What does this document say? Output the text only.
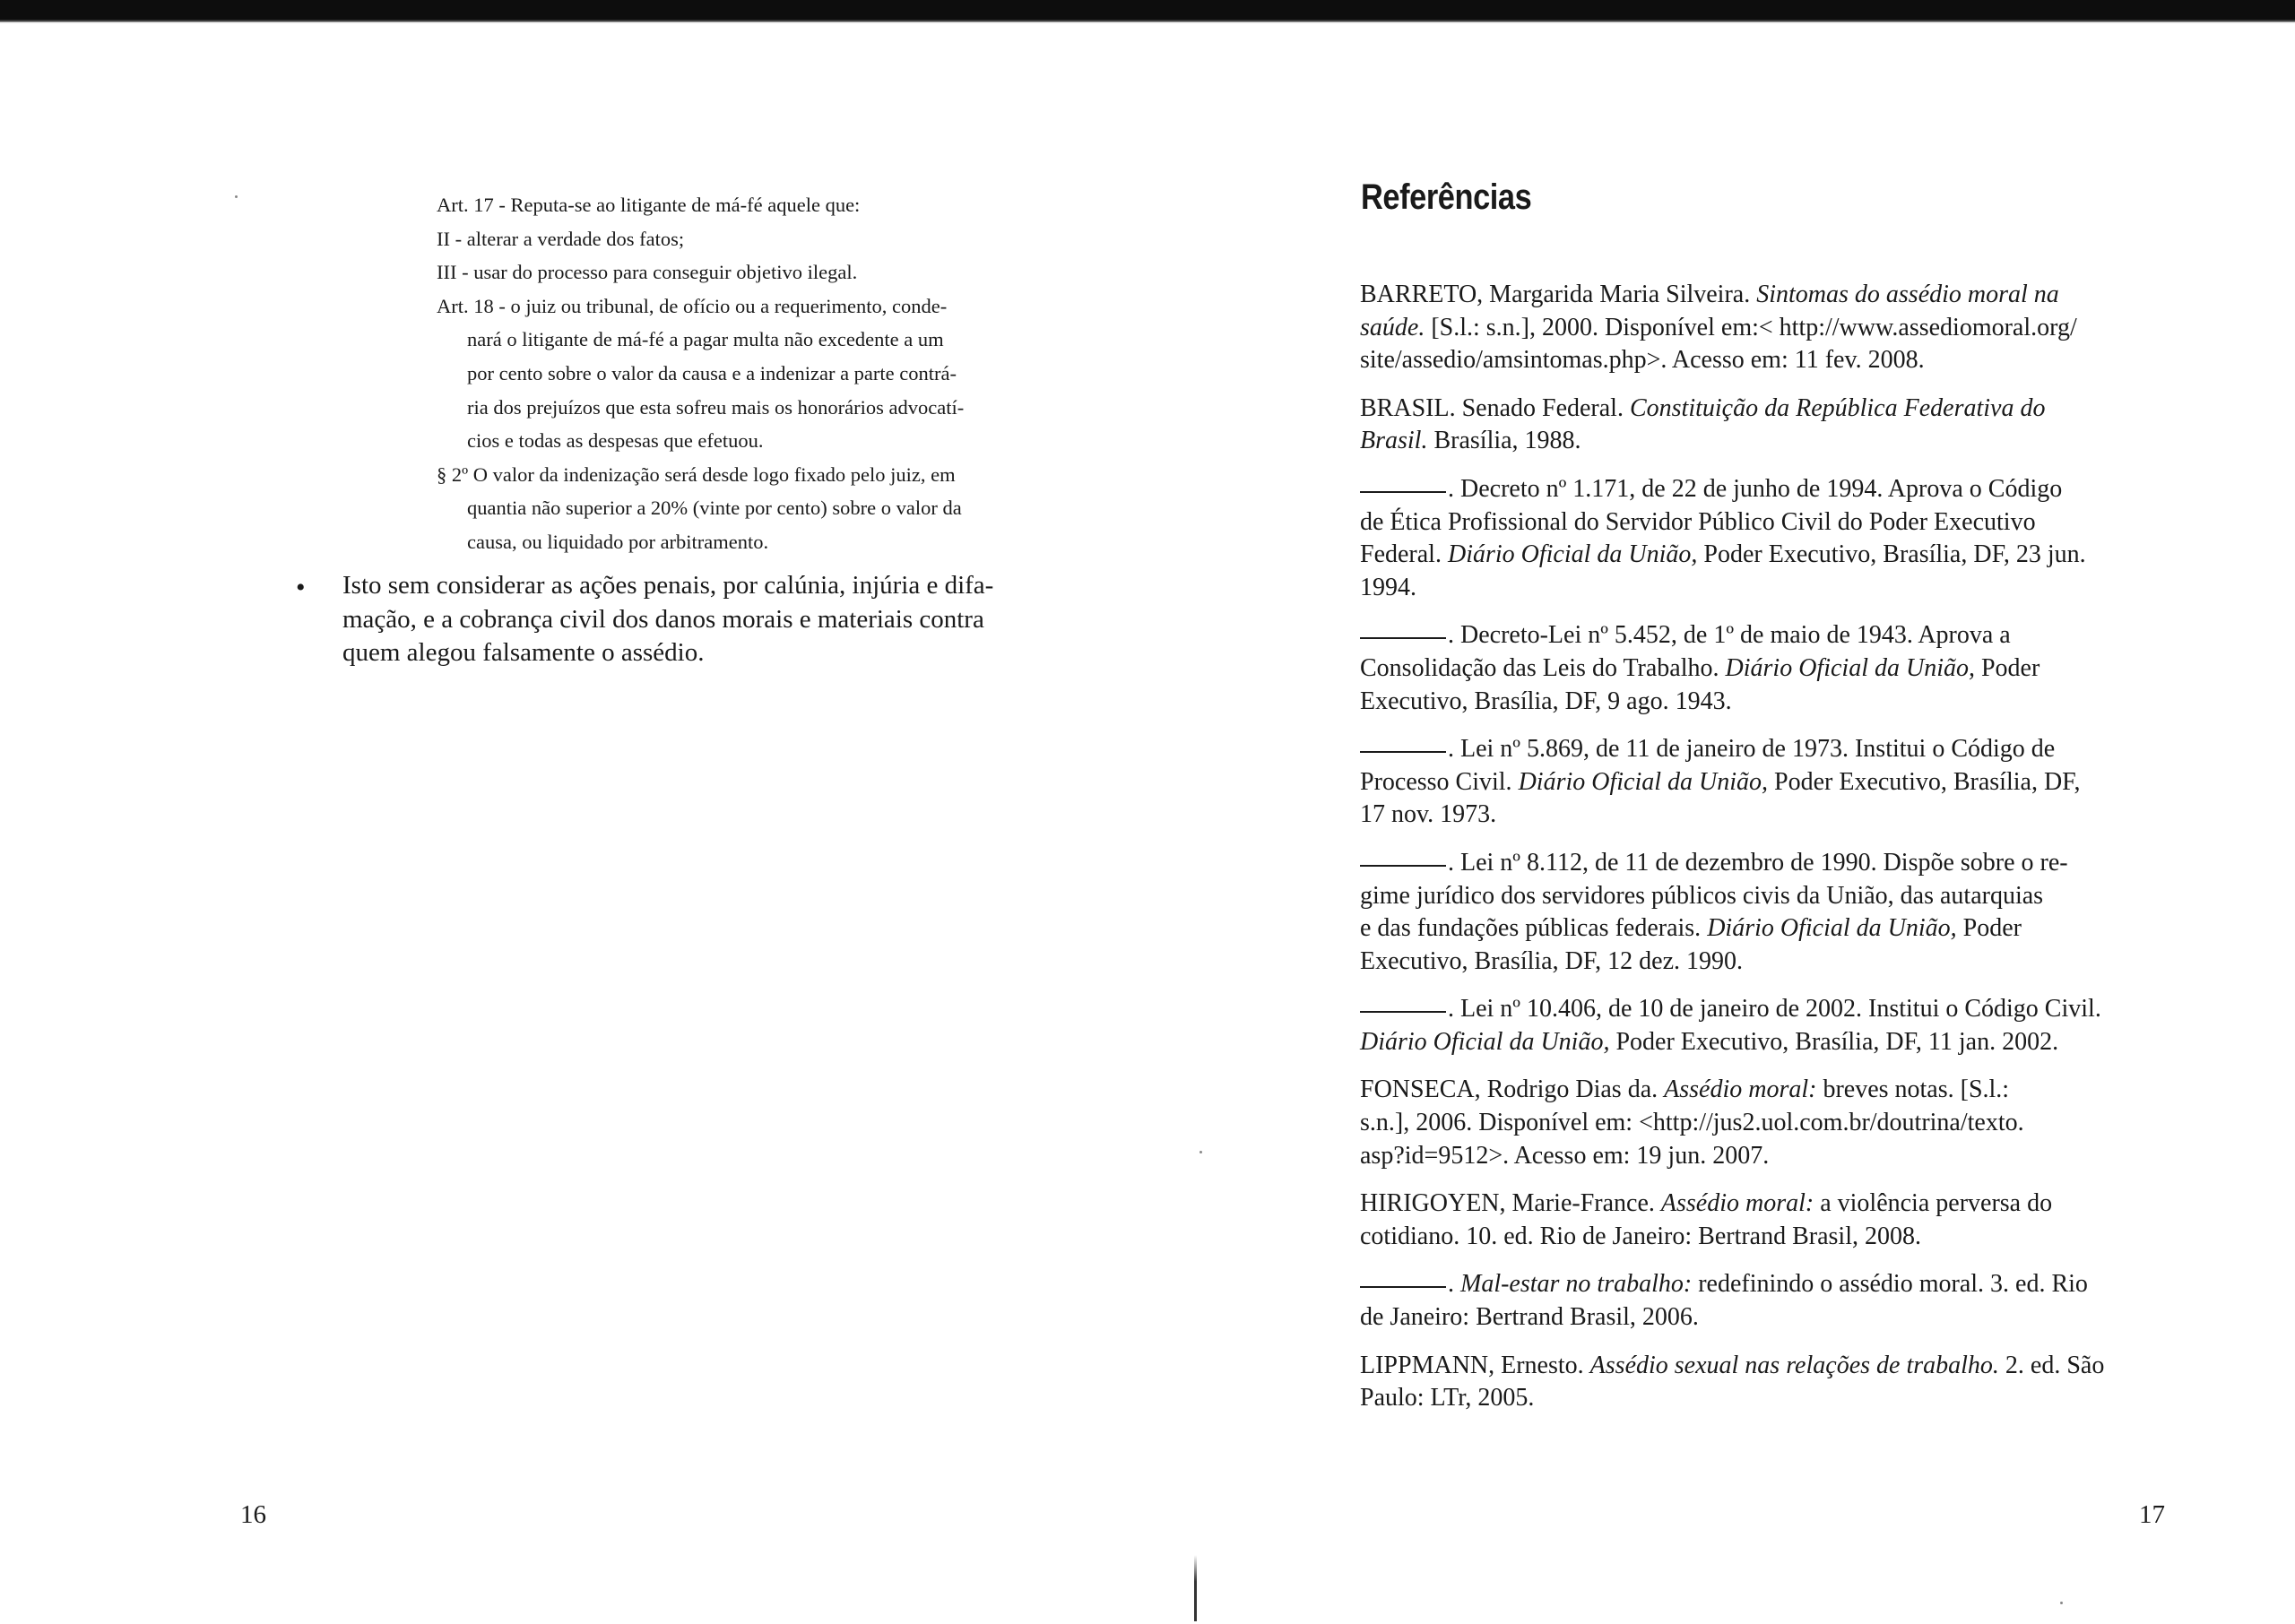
Art. 17 - Reputa-se ao litigante de má-fé aquele que:
II - alterar a verdade dos fatos;
III - usar do processo para conseguir objetivo ilegal.
Art. 18 - o juiz ou tribunal, de ofício ou a requerimento, conde-
nará o litigante de má-fé a pagar multa não excedente a um
por cento sobre o valor da causa e a indenizar a parte contrá-
ria dos prejuízos que esta sofreu mais os honorários advocatí-
cios e todas as despesas que efetuou.
§ 2º O valor da indenização será desde logo fixado pelo juiz, em
quantia não superior a 20% (vinte por cento) sobre o valor da
causa, ou liquidado por arbitramento.
• Isto sem considerar as ações penais, por calúnia, injúria e difa-
mação, e a cobrança civil dos danos morais e materiais contra
quem alegou falsamente o assédio.
16
Referências
BARRETO, Margarida Maria Silveira. Sintomas do assédio moral na
saúde. [S.l.: s.n.], 2000. Disponível em:< http://www.assediomoral.org/
site/assedio/amsintomas.php>. Acesso em: 11 fev. 2008.
BRASIL. Senado Federal. Constituição da República Federativa do
Brasil. Brasília, 1988.
. Decreto nº 1.171, de 22 de junho de 1994. Aprova o Código
de Ética Profissional do Servidor Público Civil do Poder Executivo
Federal. Diário Oficial da União, Poder Executivo, Brasília, DF, 23 jun.
1994.
. Decreto-Lei nº 5.452, de 1º de maio de 1943. Aprova a
Consolidação das Leis do Trabalho. Diário Oficial da União, Poder
Executivo, Brasília, DF, 9 ago. 1943.
. Lei nº 5.869, de 11 de janeiro de 1973. Institui o Código de
Processo Civil. Diário Oficial da União, Poder Executivo, Brasília, DF,
17 nov. 1973.
. Lei nº 8.112, de 11 de dezembro de 1990. Dispõe sobre o re-
gime jurídico dos servidores públicos civis da União, das autarquias
e das fundações públicas federais. Diário Oficial da União, Poder
Executivo, Brasília, DF, 12 dez. 1990.
. Lei nº 10.406, de 10 de janeiro de 2002. Institui o Código Civil.
Diário Oficial da União, Poder Executivo, Brasília, DF, 11 jan. 2002.
FONSECA, Rodrigo Dias da. Assédio moral: breves notas. [S.l.:
s.n.], 2006. Disponível em: <http://jus2.uol.com.br/doutrina/texto.
asp?id=9512>. Acesso em: 19 jun. 2007.
HIRIGOYEN, Marie-France. Assédio moral: a violência perversa do
cotidiano. 10. ed. Rio de Janeiro: Bertrand Brasil, 2008.
. Mal-estar no trabalho: redefinindo o assédio moral. 3. ed. Rio
de Janeiro: Bertrand Brasil, 2006.
LIPPMANN, Ernesto. Assédio sexual nas relações de trabalho. 2. ed. São
Paulo: LTr, 2005.
17
